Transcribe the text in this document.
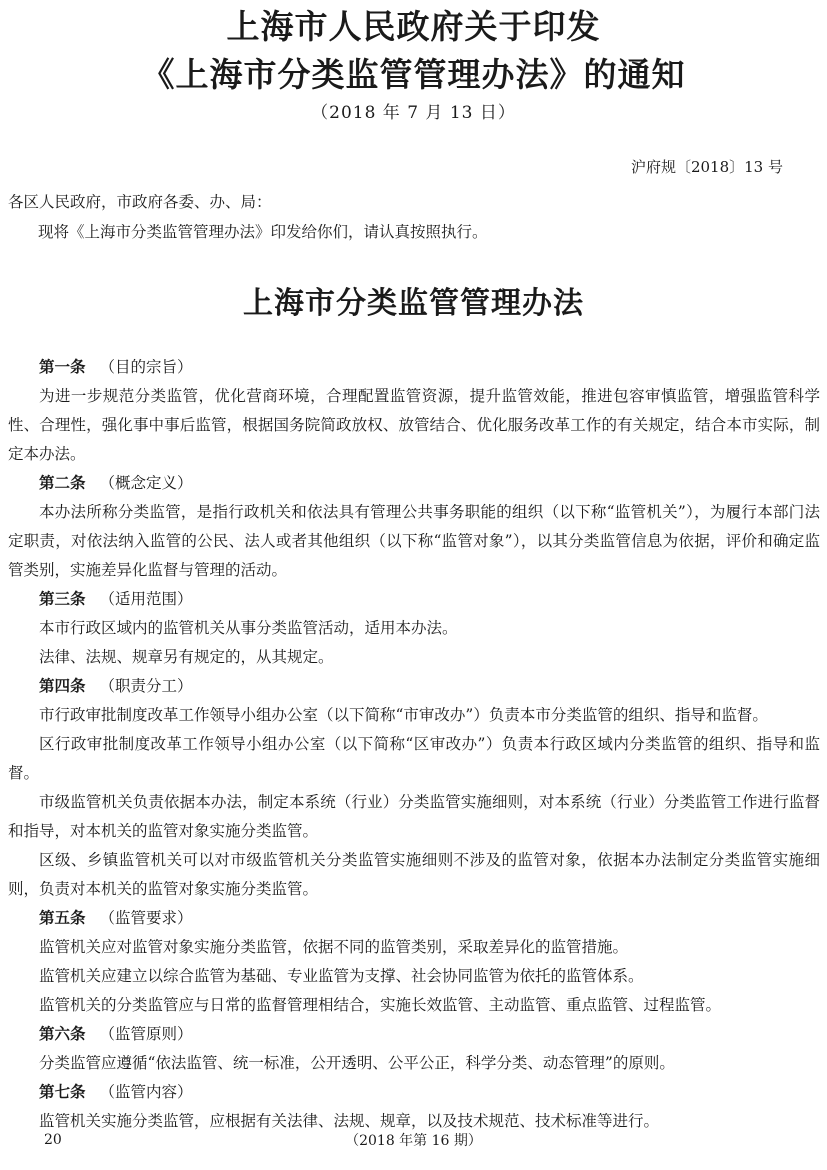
上海市人民政府关于印发
《上海市分类监管管理办法》的通知
（2018 年 7 月 13 日）
沪府规〔2018〕13 号
各区人民政府，市政府各委、办、局：
现将《上海市分类监管管理办法》印发给你们，请认真按照执行。
上海市分类监管管理办法

第一条 （目的宗旨）

为进一步规范分类监管，优化营商环境，合理配置监管资源，提升监管效能，推进包容审慎监管，增强监管科学性、合理性，强化事中事后监管，根据国务院简政放权、放管结合、优化服务改革工作的有关规定，结合本市实际，制定本办法。

第二条 （概念定义）

本办法所称分类监管，是指行政机关和依法具有管理公共事务职能的组织（以下称“监管机关”），为履行本部门法定职责，对依法纳入监管的公民、法人或者其他组织（以下称“监管对象”），以其分类监管信息为依据，评价和确定监管类别，实施差异化监督与管理的活动。

第三条 （适用范围）

本市行政区域内的监管机关从事分类监管活动，适用本办法。

法律、法规、规章另有规定的，从其规定。

第四条 （职责分工）

市行政审批制度改革工作领导小组办公室（以下简称“市审改办”）负责本市分类监管的组织、指导和监督。

区行政审批制度改革工作领导小组办公室（以下简称“区审改办”）负责本行政区域内分类监管的组织、指导和监督。

市级监管机关负责依据本办法，制定本系统（行业）分类监管实施细则，对本系统（行业）分类监管工作进行监督和指导，对本机关的监管对象实施分类监管。

区级、乡镇监管机关可以对市级监管机关分类监管实施细则不涉及的监管对象，依据本办法制定分类监管实施细则，负责对本机关的监管对象实施分类监管。

第五条 （监管要求）

监管机关应对监管对象实施分类监管，依据不同的监管类别，采取差异化的监管措施。

监管机关应建立以综合监管为基础、专业监管为支撑、社会协同监管为依托的监管体系。

监管机关的分类监管应与日常的监督管理相结合，实施长效监管、主动监管、重点监管、过程监管。

第六条 （监管原则）

分类监管应遵循“依法监管、统一标准，公开透明、公平公正，科学分类、动态管理”的原则。

第七条 （监管内容）

监管机关实施分类监管，应根据有关法律、法规、规章，以及技术规范、技术标准等进行。

20	（2018 年第 16 期）
